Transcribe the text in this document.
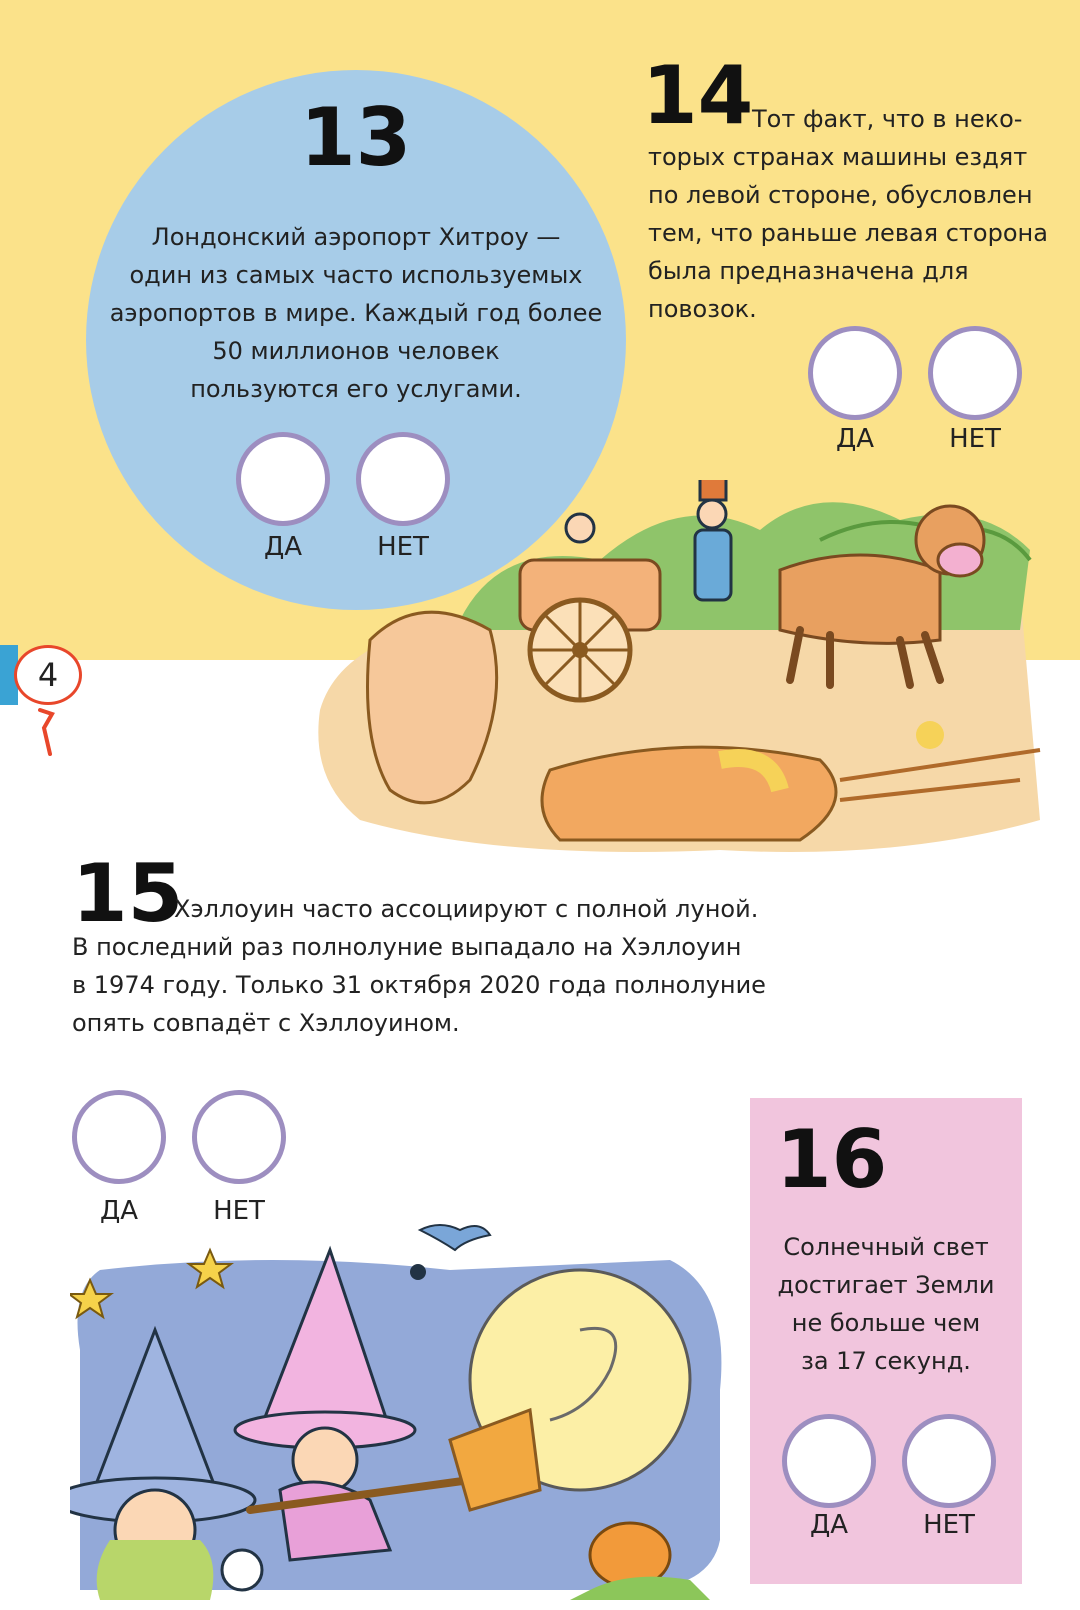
4
13
Лондонский аэропорт Хитроу —
один из самых часто используемых
аэропортов в мире. Каждый год более
50 миллионов человек
пользуются его услугами.
ДА	НЕТ
14
Тот факт, что в неко-
торых странах машины ездят
по левой стороне, обусловлен
тем, что раньше левая сторона
была предназначена для повозок.
ДА	НЕТ
15
Хэллоуин часто ассоциируют с полной луной.
В последний раз полнолуние выпадало на Хэллоуин
в 1974 году. Только 31 октября 2020 года полнолуние
опять совпадёт с Хэллоуином.
ДА	НЕТ
16
Солнечный свет
достигает Земли
не больше чем
за 17 секунд.
ДА	НЕТ
